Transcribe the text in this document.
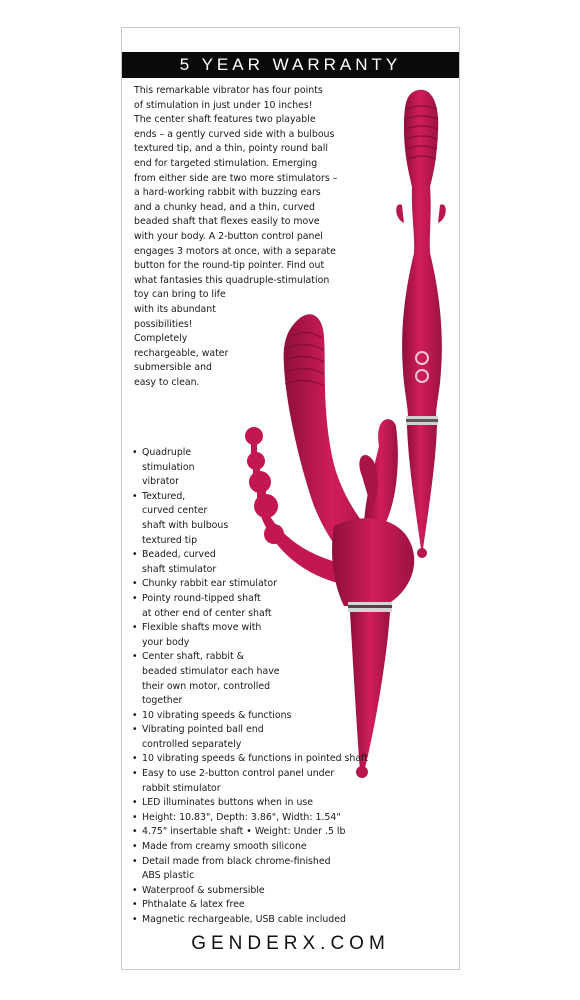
5 YEAR WARRANTY
This remarkable vibrator has four points
of stimulation in just under 10 inches!
The center shaft features two playable
ends – a gently curved side with a bulbous
textured tip, and a thin, pointy round ball
end for targeted stimulation. Emerging
from either side are two more stimulators –
a hard-working rabbit with buzzing ears
and a chunky head, and a thin, curved
beaded shaft that flexes easily to move
with your body. A 2-button control panel
engages 3 motors at once, with a separate
button for the round-tip pointer. Find out
what fantasies this quadruple-stimulation
toy can bring to life
with its abundant
possibilities!
Completely
rechargeable, water
submersible and
easy to clean.
• Quadruple
stimulation
vibrator
• Textured,
curved center
shaft with bulbous
textured tip
• Beaded, curved
shaft stimulator
• Chunky rabbit ear stimulator
• Pointy round-tipped shaft
at other end of center shaft
• Flexible shafts move with
your body
• Center shaft, rabbit &
beaded stimulator each have
their own motor, controlled
together
• 10 vibrating speeds & functions
• Vibrating pointed ball end
controlled separately
• 10 vibrating speeds & functions in pointed shaft
• Easy to use 2-button control panel under
rabbit stimulator
• LED illuminates buttons when in use
• Height: 10.83", Depth: 3.86", Width: 1.54"
• 4.75" insertable shaft • Weight: Under .5 lb
• Made from creamy smooth silicone
• Detail made from black chrome-finished
ABS plastic
• Waterproof & submersible
• Phthalate & latex free
• Magnetic rechargeable, USB cable included
GENDERX.COM
